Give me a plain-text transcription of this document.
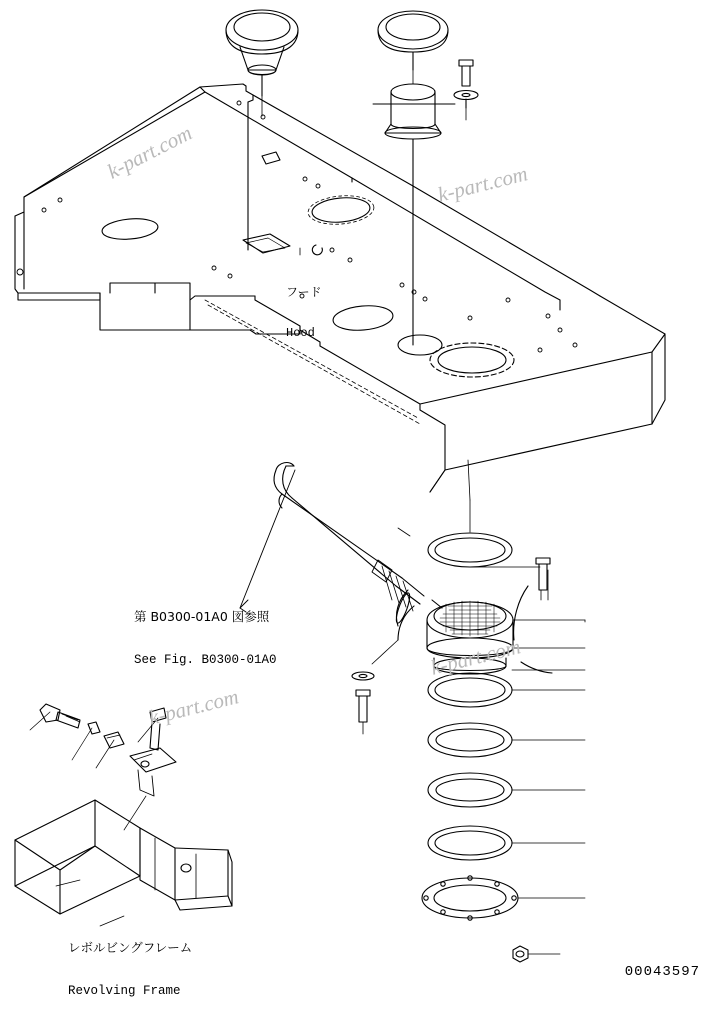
フード

Hood

第 B0300-01A0 図参照

See Fig. B0300-01A0

レボルビングフレーム

Revolving Frame

00043597
k-part.com
k-part.com
k-part.com
k-part.com
